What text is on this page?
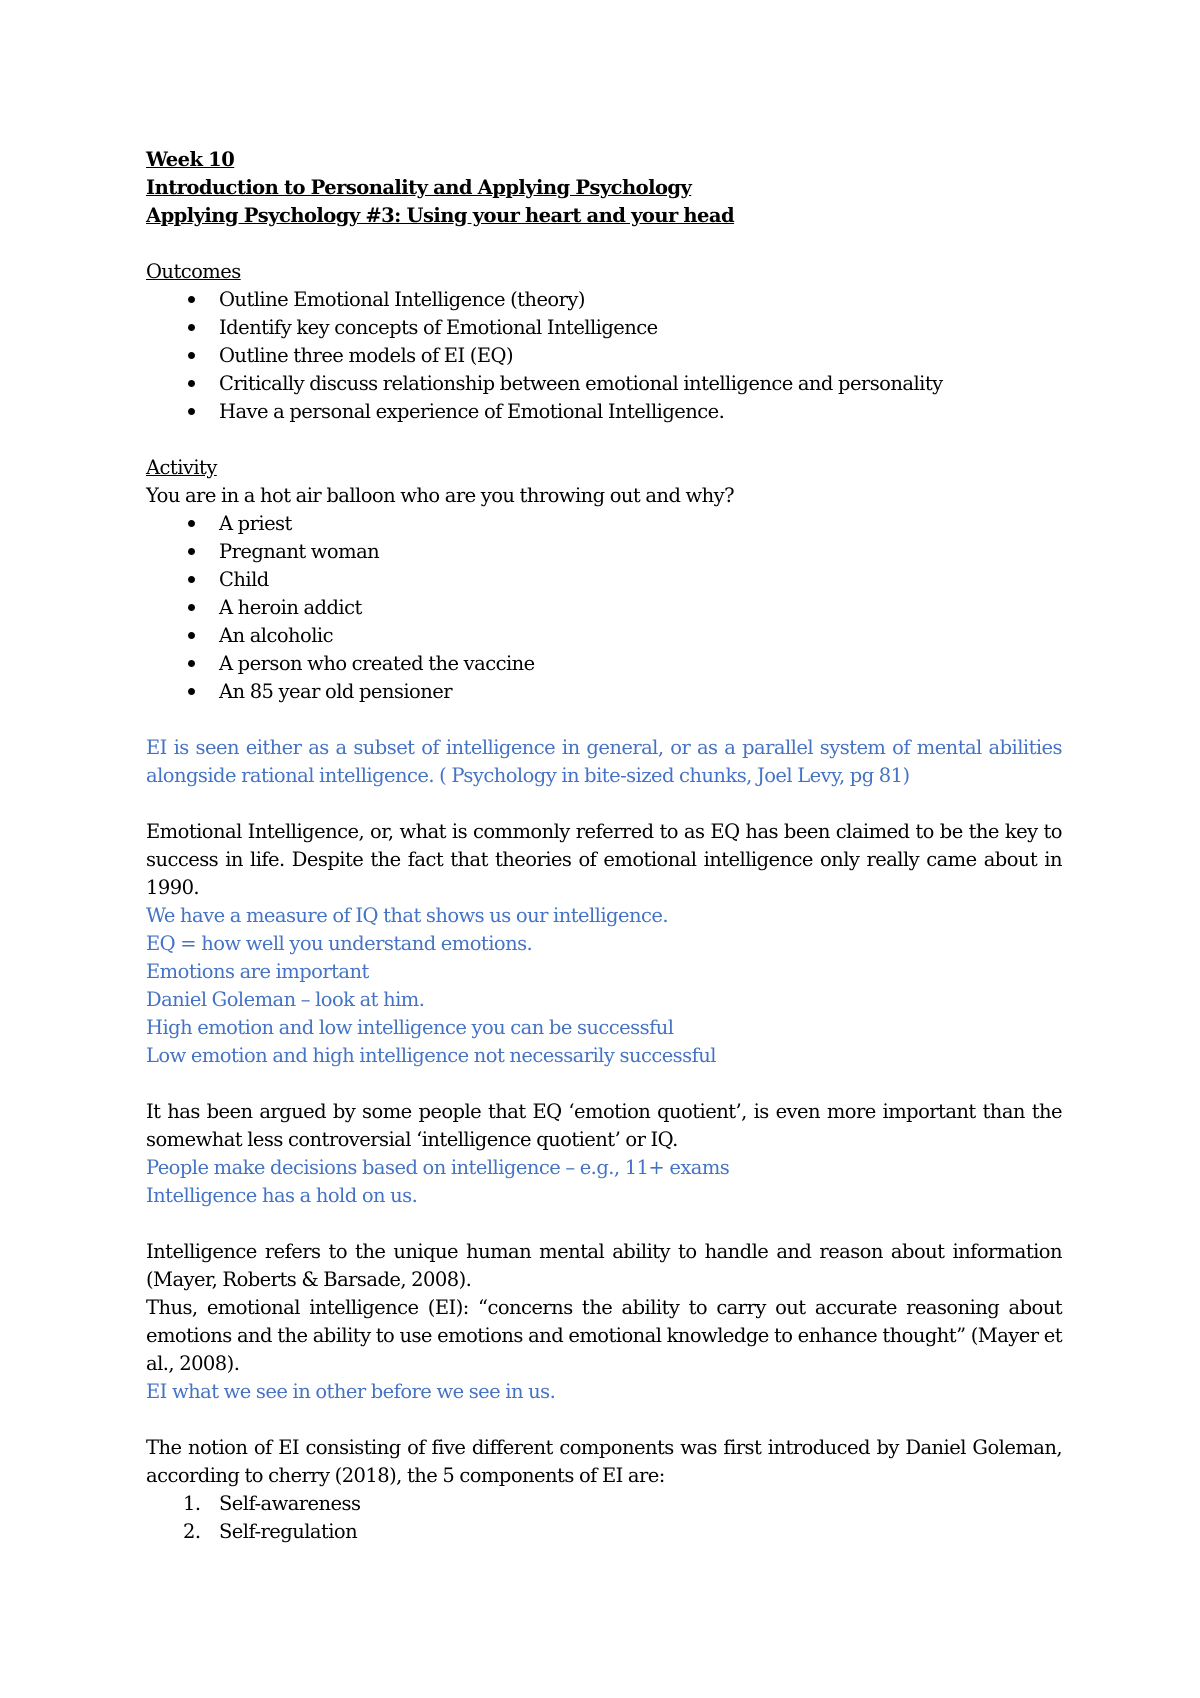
Week 10
Introduction to Personality and Applying Psychology
Applying Psychology #3: Using your heart and your head
Outcomes
Outline Emotional Intelligence (theory)
Identify key concepts of Emotional Intelligence
Outline three models of EI (EQ)
Critically discuss relationship between emotional intelligence and personality
Have a personal experience of Emotional Intelligence.
Activity
You are in a hot air balloon who are you throwing out and why?
A priest
Pregnant woman
Child
A heroin addict
An alcoholic
A person who created the vaccine
An 85 year old pensioner
EI is seen either as a subset of intelligence in general, or as a parallel system of mental abilities alongside rational intelligence. ( Psychology in bite-sized chunks, Joel Levy, pg 81)
Emotional Intelligence, or, what is commonly referred to as EQ has been claimed to be the key to success in life. Despite the fact that theories of emotional intelligence only really came about in 1990.
We have a measure of IQ that shows us our intelligence.
EQ = how well you understand emotions.
Emotions are important
Daniel Goleman – look at him.
High emotion and low intelligence you can be successful
Low emotion and high intelligence not necessarily successful
It has been argued by some people that EQ ‘emotion quotient’, is even more important than the somewhat less controversial ‘intelligence quotient’ or IQ.
People make decisions based on intelligence – e.g., 11+ exams
Intelligence has a hold on us.
Intelligence refers to the unique human mental ability to handle and reason about information (Mayer, Roberts & Barsade, 2008).
Thus, emotional intelligence (EI): “concerns the ability to carry out accurate reasoning about emotions and the ability to use emotions and emotional knowledge to enhance thought” (Mayer et al., 2008).
EI what we see in other before we see in us.
The notion of EI consisting of five different components was first introduced by Daniel Goleman, according to cherry (2018), the 5 components of EI are:
1. Self-awareness
2. Self-regulation
